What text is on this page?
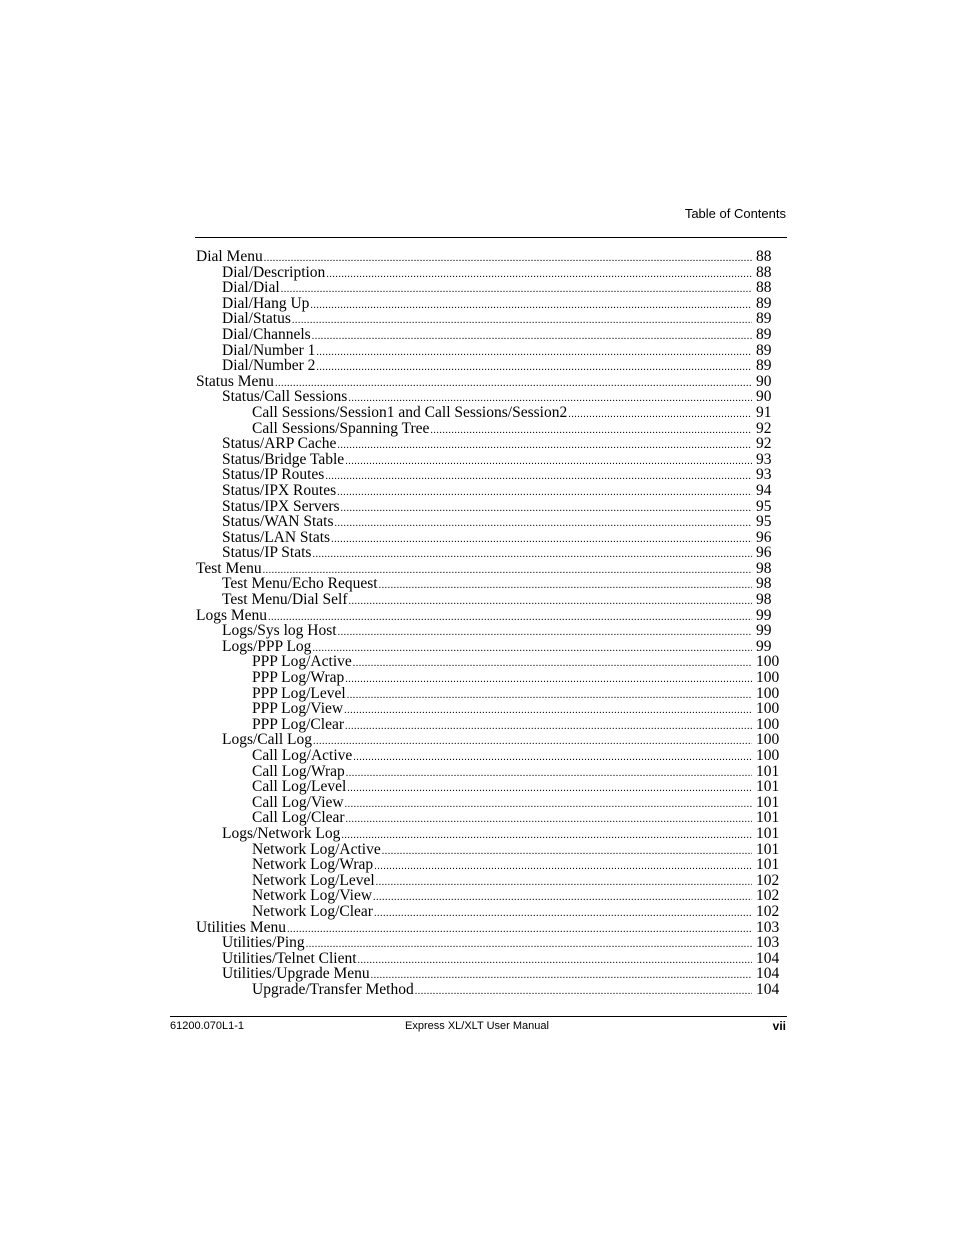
Table of Contents
Dial Menu .....	88
Dial/Description .....	88
Dial/Dial .....	88
Dial/Hang Up .....	89
Dial/Status .....	89
Dial/Channels .....	89
Dial/Number 1 .....	89
Dial/Number 2 .....	89
Status Menu .....	90
Status/Call Sessions .....	90
Call Sessions/Session1 and Call Sessions/Session2 .....	91
Call Sessions/Spanning Tree .....	92
Status/ARP Cache .....	92
Status/Bridge Table .....	93
Status/IP Routes .....	93
Status/IPX Routes .....	94
Status/IPX Servers .....	95
Status/WAN Stats .....	95
Status/LAN Stats .....	96
Status/IP Stats .....	96
Test Menu .....	98
Test Menu/Echo Request .....	98
Test Menu/Dial Self .....	98
Logs Menu .....	99
Logs/Sys log Host .....	99
Logs/PPP Log .....	99
PPP Log/Active .....	100
PPP Log/Wrap .....	100
PPP Log/Level .....	100
PPP Log/View .....	100
PPP Log/Clear .....	100
Logs/Call Log .....	100
Call Log/Active .....	100
Call Log/Wrap .....	101
Call Log/Level .....	101
Call Log/View .....	101
Call Log/Clear .....	101
Logs/Network Log .....	101
Network Log/Active .....	101
Network Log/Wrap .....	101
Network Log/Level .....	102
Network Log/View .....	102
Network Log/Clear .....	102
Utilities Menu .....	103
Utilities/Ping .....	103
Utilities/Telnet Client .....	104
Utilities/Upgrade Menu .....	104
Upgrade/Transfer Method .....	104
61200.070L1-1	Express XL/XLT User Manual	vii
